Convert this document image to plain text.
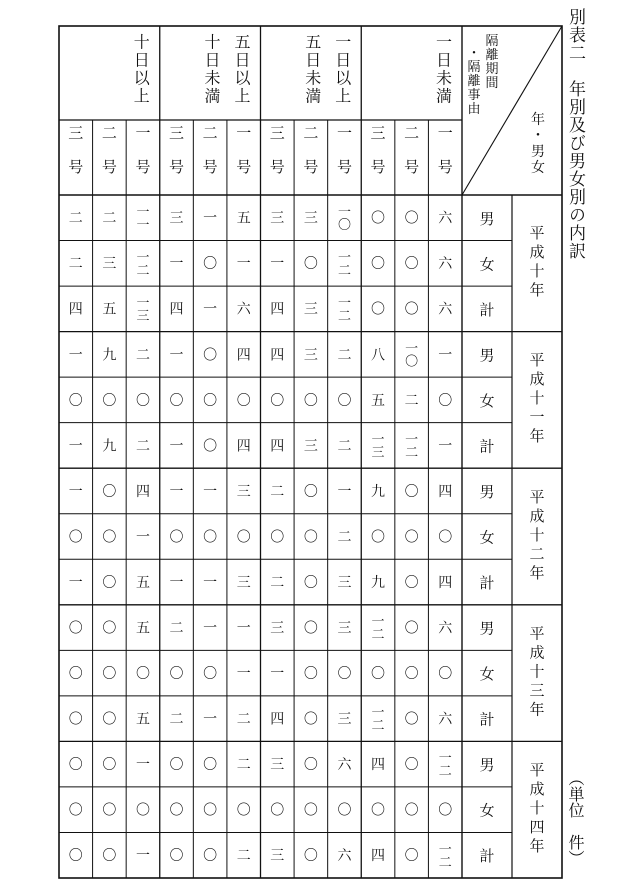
別表二　年別及び男女別の内訳
（単位　件）
隔離期間
・隔離事由
年・男女
一日未満
一日以上
五日未満
五日以上
十日未満
十日以上
一号
二号
三号
一号
二号
三号
一号
二号
三号
一号
二号
三号
平成十年
男
六
〇
〇
一〇
三
三
五
一
三
一一
二
二
女
六
〇
〇
一二
〇
一
一
〇
一
一二
三
二
計
六
〇
〇
一二
三
四
六
一
四
一三
五
四
平成十一年
男
一
一〇
八
二
三
四
四
〇
一
二
九
一
女
〇
二
五
〇
〇
〇
〇
〇
〇
〇
〇
〇
計
一
一二
一三
二
三
四
四
〇
一
二
九
一
平成十二年
男
四
〇
九
一
〇
二
三
一
一
四
〇
一
女
〇
〇
〇
二
〇
〇
〇
〇
〇
一
〇
〇
計
四
〇
九
三
〇
二
三
一
一
五
〇
一
平成十三年
男
六
〇
一二
三
〇
三
一
一
二
五
〇
〇
女
〇
〇
〇
〇
〇
一
一
〇
〇
〇
〇
〇
計
六
〇
一二
三
〇
四
二
一
二
五
〇
〇
平成十四年
男
一二
〇
四
六
〇
三
二
〇
〇
一
〇
〇
女
〇
〇
〇
〇
〇
〇
〇
〇
〇
〇
〇
〇
計
一二
〇
四
六
〇
三
二
〇
〇
一
〇
〇
